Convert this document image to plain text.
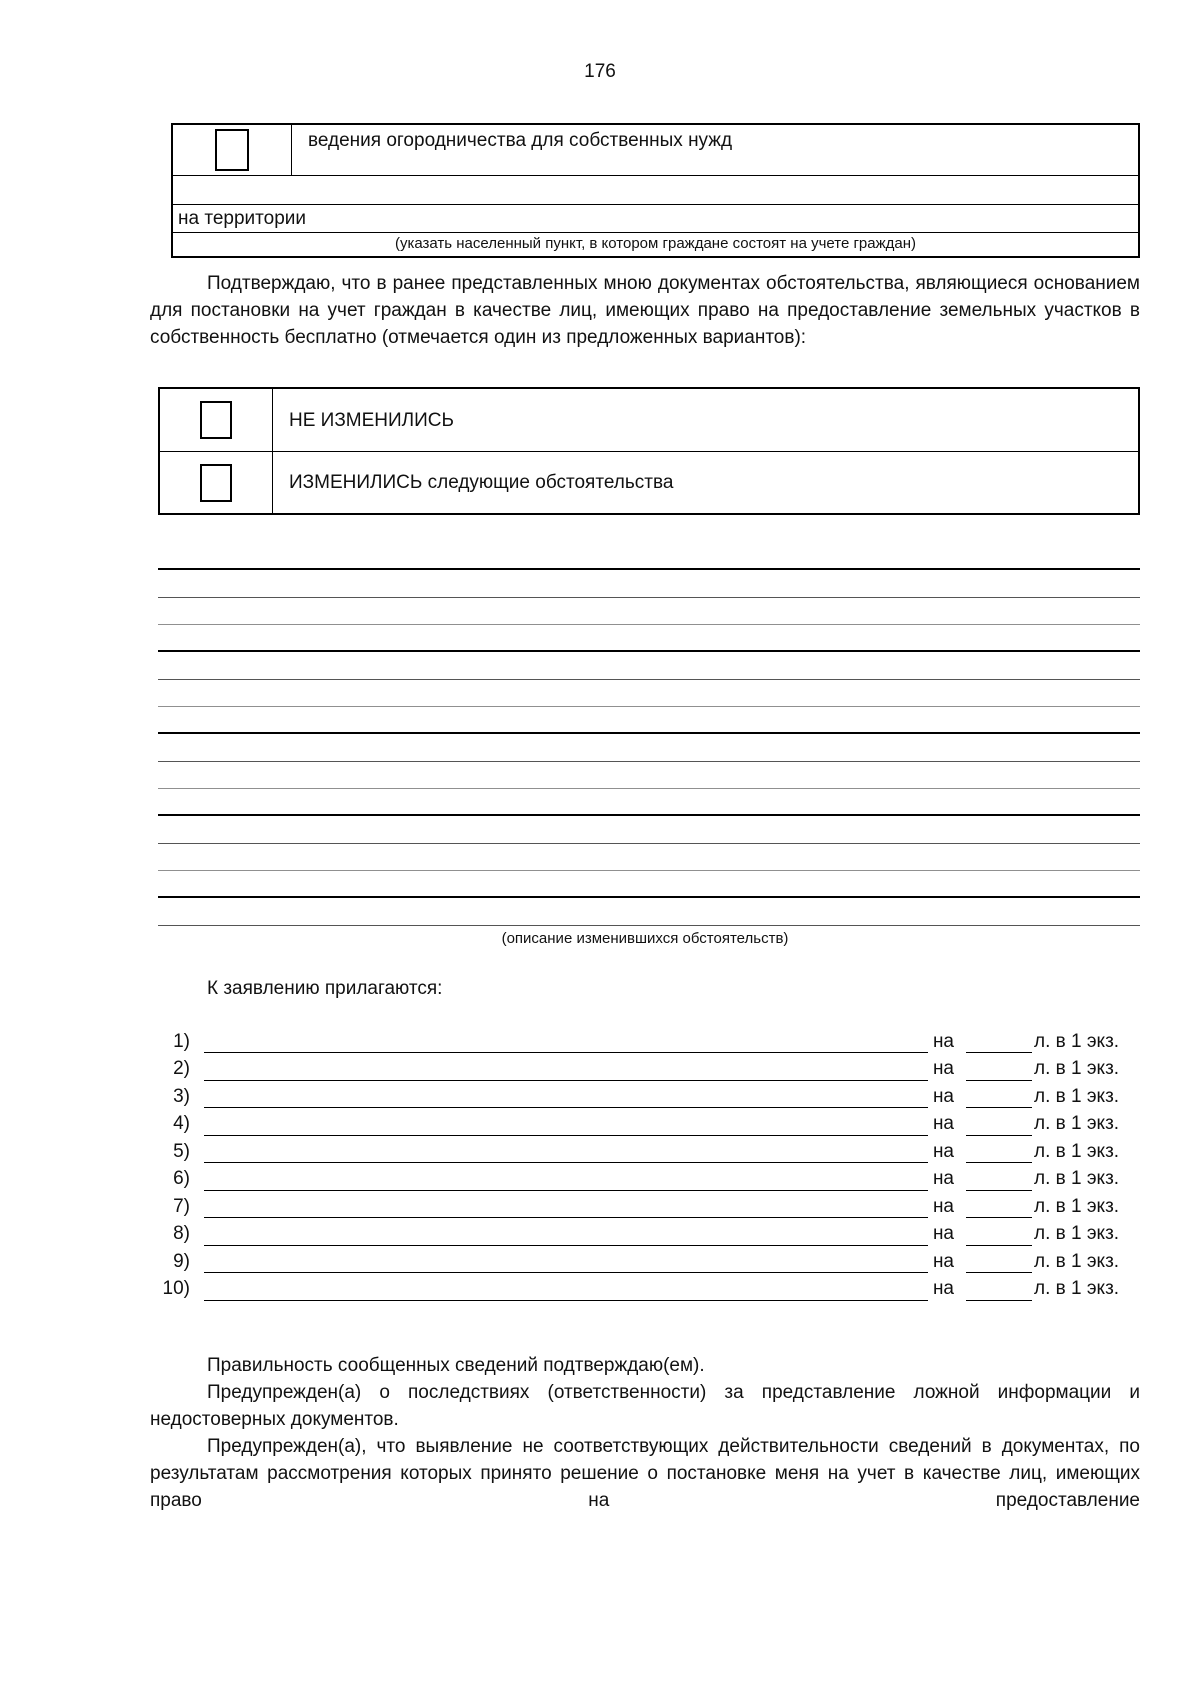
176
ведения огородничества для собственных нужд
на территории
(указать населенный пункт, в котором граждане состоят на учете граждан)

Подтверждаю, что в ранее представленных мною документах обстоятельства, являющиеся основанием для постановки на учет граждан в качестве лиц, имеющих право на предоставление земельных участков в собственность бесплатно (отмечается один из предложенных вариантов):

НЕ ИЗМЕНИЛИСЬ
ИЗМЕНИЛИСЬ следующие обстоятельства
(описание изменившихся обстоятельств)

К заявлению прилагаются:

1)	на	л. в 1 экз.
2)	на	л. в 1 экз.
3)	на	л. в 1 экз.
4)	на	л. в 1 экз.
5)	на	л. в 1 экз.
6)	на	л. в 1 экз.
7)	на	л. в 1 экз.
8)	на	л. в 1 экз.
9)	на	л. в 1 экз.
10)	на	л. в 1 экз.

Правильность сообщенных сведений подтверждаю(ем).

Предупрежден(а) о последствиях (ответственности) за представление ложной информации и недостоверных документов.

Предупрежден(а), что выявление не соответствующих действительности сведений в документах, по результатам рассмотрения которых принято решение о постановке меня на учет в качестве лиц, имеющих право на предоставление
